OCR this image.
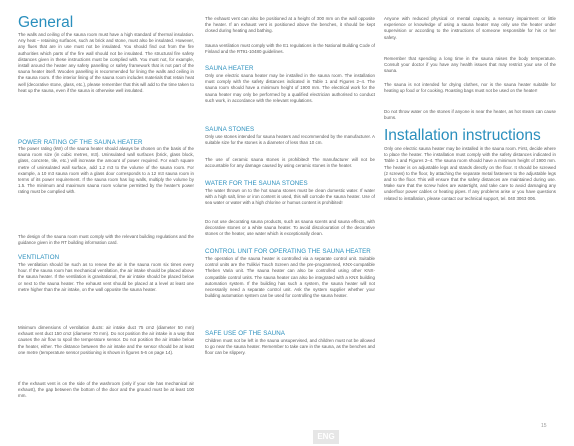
General

The walls and ceiling of the sauna room must have a high standard of thermal insulation. Any heat – retaining surfaces, such as brick and stone, must also be insulated. However, any flues that are in use must not be insulated. You should find out from the fire authorities which parts of the fire wall should not be insulated. The structural fire safety distances given in these instructions must be complied with. You must not, for example, install around the heater any safety panelling or safety framework that is not part of the sauna heater itself. Wooden panelling is recommended for lining the walls and ceiling in the sauna room. If the interior lining of the sauna room includes materials that retain heat well (decorative stone, glass, etc.), please remember that this will add to the time taken to heat up the sauna, even if the sauna is otherwise well insulated.

POWER RATING OF THE SAUNA HEATER

The power rating (kW) of the sauna heater should always be chosen on the basis of the sauna room size (in cubic metres, m3). Uninsulated wall surfaces (brick, glass block, glass, concrete, tile, etc.) will increase the amount of power required. For each square metre of uninsulated wall surface, add 1.2 m3 to the volume of the sauna room. For example, a 10 m3 sauna room with a glass door corresponds to a 12 m3 sauna room in terms of its power requirement. If the sauna room has log walls, multiply the volume by 1.5. The minimum and maximum sauna room volume permitted by the heater's power rating must be complied with.

The design of the sauna room must comply with the relevant building regulations and the guidance given in the RT building information card.

VENTILATION

The ventilation should be such as to renew the air in the sauna room six times every hour. If the sauna room has mechanical ventilation, the air intake should be placed above the sauna heater. If the ventilation is gravitational, the air intake should be placed below or next to the sauna heater. The exhaust vent should be placed at a level at least one metre higher than the air intake, on the wall opposite the sauna heater.

Minimum dimensions of ventilation ducts: air intake duct 75 cm2 (diameter 50 mm) exhaust vent duct 150 cm2 (diameter 70 mm). Do not position the air intake in a way that causes the air flow to spoil the temperature sensor. Do not position the air intake below the heater, either. The distance between the air intake and the sensor should be at least one metre (temperature sensor positioning is shown in figures 5-6 on page 14).

If the exhaust vent is on the side of the washroom (only if your site has mechanical air exhaust), the gap between the bottom of the door and the ground must be at least 100 mm.

The exhaust vent can also be positioned at a height of 300 mm on the wall opposite the heater. If an exhaust vent is positioned above the benches, it should be kept closed during heating and bathing.

Sauna ventilation must comply with the E1 regulations in the National Building Code of Finland and the RT91-10480 guidelines.

SAUNA HEATER

Only one electric sauna heater may be installed in the sauna room. The installation must comply with the safety distances indicated in Table 1 and Figures 2–4. The sauna room should have a minimum height of 1900 mm. The electrical work for the sauna heater may only be performed by a qualified electrician authorised to conduct such work, in accordance with the relevant regulations.

SAUNA STONES

Only use stones intended for sauna heaters and recommended by the manufacturer. A suitable size for the stones is a diameter of less than 10 cm.

The use of ceramic sauna stones is prohibited! The manufacturer will not be accountable for any damage caused by using ceramic stones in the heater.

WATER FOR THE SAUNA STONES

The water thrown on to the hot sauna stones must be clean domestic water. If water with a high salt, lime or iron content is used, this will corrode the sauna heater. Use of sea water or water with a high chlorine or humus content is prohibited!

Do not use decorating sauna products, such as sauna scents and sauna effects, with decorative stones or a white sauna heater. To avoid discolouration of the decorative stones or the heater, use water which is exceptionally clean.

CONTROL UNIT FOR OPERATING THE SAUNA HEATER

The operation of the sauna heater is controlled via a separate control unit. Suitable control units are the Tulikivi Touch Screen and the pre-programmed, KNX-compatible Theben Varia unit. The sauna heater can also be controlled using other KNX-compatible control units. The sauna heater can also be integrated with a KNX building automation system. If the building has such a system, the sauna heater will not necessarily need a separate control unit. Ask the system supplier whether your building automation system can be used for controlling the sauna heater.

SAFE USE OF THE SAUNA

Children must not be left in the sauna unsupervised, and children must not be allowed to go near the sauna heater. Remember to take care in the sauna, as the benches and floor can be slippery.

Anyone with reduced physical or mental capacity, a sensory impairment or little experience or knowledge of using a sauna heater may only use the heater under supervision or according to the instructions of someone responsible for his or her safety.

Remember that spending a long time in the sauna raises the body temperature. Consult your doctor if you have any health issues that may restrict your use of the sauna.

The sauna is not intended for drying clothes, nor is the sauna heater suitable for heating up food or for cooking. Roasting bags must not be used on the heater!

Do not throw water on the stones if anyone is near the heater, as hot steam can cause burns.

Installation instructions

Only one electric sauna heater may be installed in the sauna room. First, decide where to place the heater. The installation must comply with the safety distances indicated in Table 1 and Figures 2–4. The sauna room should have a minimum height of 1900 mm. The heater is on adjustable legs and stands directly on the floor. It should be screwed (2 screws) to the floor, by attaching the separate metal fasteners to the adjustable legs and to the floor. This will ensure that the safety distances are maintained during use. Make sure that the screw holes are watertight, and take care to avoid damaging any underfloor power cables or heating pipes. If any problems arise or you have questions related to installation, please contact our technical support, tel. 040 3063 006.

ENG
15
